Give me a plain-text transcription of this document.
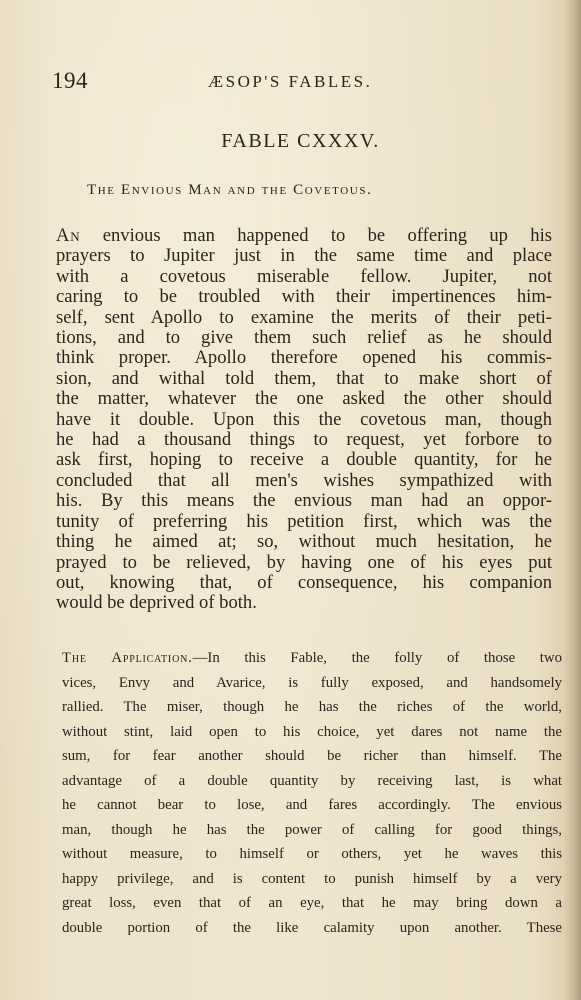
194	ÆSOP'S FABLES.
FABLE CXXXV.
The Envious Man and the Covetous.
An envious man happened to be offering up his
prayers to Jupiter just in the same time and place
with a covetous miserable fellow. Jupiter, not
caring to be troubled with their impertinences him-
self, sent Apollo to examine the merits of their peti-
tions, and to give them such relief as he should
think proper. Apollo therefore opened his commis-
sion, and withal told them, that to make short of
the matter, whatever the one asked the other should
have it double. Upon this the covetous man, though
he had a thousand things to request, yet forbore to
ask first, hoping to receive a double quantity, for he
concluded that all men's wishes sympathized with
his. By this means the envious man had an oppor-
tunity of preferring his petition first, which was the
thing he aimed at; so, without much hesitation, he
prayed to be relieved, by having one of his eyes put
out, knowing that, of consequence, his companion
would be deprived of both.
The Application.—In this Fable, the folly of those two
vices, Envy and Avarice, is fully exposed, and handsomely
rallied. The miser, though he has the riches of the world,
without stint, laid open to his choice, yet dares not name the
sum, for fear another should be richer than himself. The
advantage of a double quantity by receiving last, is what
he cannot bear to lose, and fares accordingly. The envious
man, though he has the power of calling for good things,
without measure, to himself or others, yet he waves this
happy privilege, and is content to punish himself by a very
great loss, even that of an eye, that he may bring down a
double portion of the like calamity upon another. These
